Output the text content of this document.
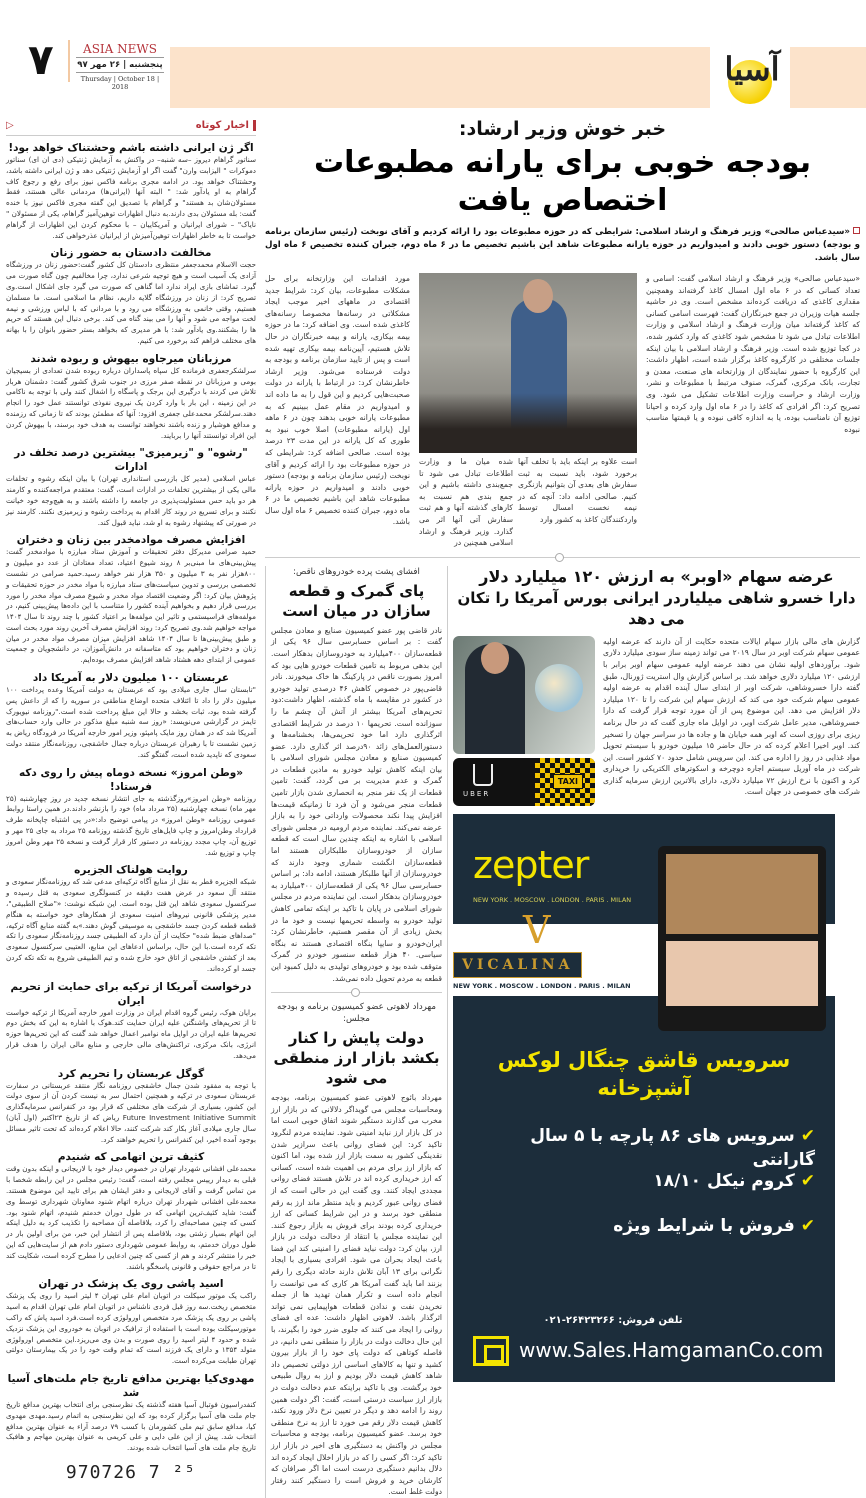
۷	ASIA NEWS
پنجشنبه | ۲۶ مهر ۹۷
Thursday | October 18 | 2018	آسیا
خبر خوش وزیر ارشاد:
بودجه خوبی برای یارانه مطبوعات اختصاص یافت
«سیدعباس صالحی» وزیر فرهنگ و ارشاد اسلامی: شرایطی که در حوزه مطبوعات بود را ارائه کردیم و آقای نوبخت (رئیس سازمان برنامه و بودجه) دستور خوبی دادند و امیدواریم در حوزه یارانه مطبوعات شاهد این باشیم تخصیص ما در ۶ ماه دوم، جبران کننده تخصیص ۶ ماه اول سال باشد.
«سیدعباس صالحی» وزیر فرهنگ و ارشاد اسلامی گفت: اسامی و تعداد کسانی که در ۶ ماه اول امسال کاغذ گرفته‌اند وهمچنین مقداری کاغذی که دریافت کرده‌اند مشخص است. وی در حاشیه جلسه هیات وزیران در جمع خبرنگاران گفت: فهرست اسامی کسانی که کاغذ گرفته‌اند میان وزارت فرهنگ و ارشاد اسلامی و وزارت اطلاعات تبادل می شود تا مشخص شود کاغذی که وارد کشور شده، در کجا توزیع شده است. وزیر فرهنگ و ارشاد اسلامی با بیان اینکه جلسات مختلفی در کارگروه کاغذ برگزار شده است، اظهار داشت: این کارگروه با حضور نمایندگان از وزارتخانه های صنعت، معدن و تجارت، بانک مرکزی، گمرک، صنوف مرتبط با مطبوعات و نشر، وزارت ارشاد و حراست وزارت اطلاعات تشکیل می شود. وی تصریح کرد: اگر افرادی که کاغذ را در ۶ ماه اول وارد کرده و احیانا توزیع آن نامناسب بوده، یا به اندازه کافی نبوده و یا قیمتها مناسب نبوده
است علاوه بر اینکه باید با تخلف آنها برخورد شود، باید نسبت به ثبت سفارش های بعدی آن بتوانیم بازنگری کنیم. صالحی ادامه داد: آنچه که در نیمه نخست امسال توسط واردکنندگان کاغذ به کشور وارد
شده میان ما و وزارت اطلاعات تبادل می شود تا جمع‌بندی داشته باشیم و این جمع بندی هم نسبت به کارهای گذشته آنها و هم ثبت سفارش آتی آنها اثر می گذارد. وزیر فرهنگ و ارشاد اسلامی همچنین در
مورد اقدامات این وزارتخانه برای حل مشکلات مطبوعات، بیان کرد: شرایط جدید اقتصادی در ماههای اخیر موجب ایجاد مشکلاتی در رسانه‌ها مخصوصا رسانه‌های کاغذی شده است. وی اضافه کرد: ما در حوزه بیمه بیکاری، یارانه و بیمه خبرنگاران در حال تلاش هستیم، آیین‌نامه بیمه بیکاری تهیه شده است و پس از تایید سازمان برنامه و بودجه به دولت فرستاده می‌شود. وزیر ارشاد خاطرنشان کرد: در ارتباط با یارانه در دولت صحبت‌هایی کردیم و این قول را به ما داده اند و امیدواریم در مقام عمل ببینیم که به مطبوعات یارانه خوبی بدهند چون در ۶ ماهه اول (یارانه مطبوعات) اصلا خوب نبود به طوری که کل یارانه در این مدت ۲۳ درصد بوده است. صالحی اضافه کرد: شرایطی که در حوزه مطبوعات بود را ارائه کردیم و آقای نوبخت (رئیس سازمان برنامه و بودجه) دستور خوبی دادند و امیدواریم در حوزه یارانه مطبوعات شاهد این باشیم تخصیص ما در ۶ ماه دوم، جبران کننده تخصیص ۶ ماه اول سال باشد.
عرضه سهام «اوبر» به ارزش ۱۲۰ میلیارد دلار
دارا خسرو شاهی میلیاردر ایرانی بورس آمریکا را تکان می دهد
گزارش های مالی بازار سهام ایالات متحده حکایت از آن دارند که عرضه اولیه عمومی سهام شرکت اوبر در سال ۲۰۱۹ می تواند زمینه ساز سودی میلیارد دلاری شود. برآوردهای اولیه نشان می دهند عرضه اولیه عمومی سهام اوبر برابر با ارزشی ۱۲۰ میلیارد دلاری خواهد شد. بر اساس گزارش وال استریت ژورنال، طبق گفته دارا خسروشاهی، شرکت اوبر از ابتدای سال آینده اقدام به عرضه اولیه عمومی سهام شرکت خود می کند که ارزش سهام این شرکت را تا ۱۲۰ میلیارد دلار افزایش می دهد. این موضوع پس از آن مورد توجه قرار گرفت که دارا خسروشاهی، مدیر عامل شرکت اوبر، در اوایل ماه جاری گفت که در حال برنامه ریزی برای روزی است که اوبر همه خیابان ها و جاده ها در سراسر جهان را تسخیر کند. اوبر اخیرا اعلام کرده که در حال حاضر ۱۵ میلیون خودرو با سیستم تحویل مواد غذایی در روز را اداره می کند. این سرویس شامل حدود ۷۰ کشور است. این شرکت در ماه آوریل سیستم اجاره دوچرخه و اسکوترهای الکتریکی را خریداری کرد و اکنون با نرخ ارزش ۷۲ میلیارد دلاری، دارای بالاترین ارزش سرمایه گذاری شرکت های خصوصی در جهان است.
UBER
TAXI
zepter
NEW YORK . MOSCOW . LONDON . PARIS . MILAN
V
VICALINA
NEW YORK . MOSCOW . LONDON . PARIS . MILAN
سرویس قاشق چنگال لوکس آشپزخانه
✔سرویس های ۸۶ پارچه با ۵ سال گارانتی
✔کروم نیکل ۱۸/۱۰
✔فروش با شرایط ویژه
تلفن فروش: ۲۶۴۲۳۲۶۶-۰۲۱
www.Sales.HamgamanCo.com
افشای پشت پرده خودروهای ناقص:
پای گمرک و قطعه سازان در میان است
نادر قاضی پور عضو کمیسیون صنایع و معادن مجلس گفت : بر اساس حسابرسی سال ۹۶ یکی از قطعه‌سازان ۴۰۰میلیارد به خودروسازان بدهکار است. این بدهی مربوط به تامین قطعات خودرو هایی بود که امروز بصورت ناقص در پارکینگ ها خاک میخورند. نادر قاضی‌پور در خصوص کاهش ۴۶ درصدی تولید خودرو در کشور در مقایسه با ماه گذشته، اظهار داشت:دود تحریم‌های آمریکا بیشتر از آتش آن چشم ما را سوزانده است. تحریمها ۱۰ درصد در شرایط اقتصادی اثرگذاری دارد اما خود تحریمی‌ها، بخشنامه‌ها و دستورالعمل‌های زائد ۹۰درصد اثر گذاری دارد. عضو کمیسیون صنایع و معادن مجلس شورای اسلامی با بیان اینکه کاهش تولید خودرو به مادین قطعات در گمرک و عدم مدیریت بر می گردد، گفت: تامین قطعات از یک نفر منجر به انحصاری شدن بازار تامین قطعات منجر می‌شود و آن فرد تا زمانیکه قیمت‌ها افزایش پیدا نکند محصولات وارداتی خود را به بازار عرضه نمی‌کند. نماینده مردم ارومیه در مجلس شورای اسلامی با اشاره به اینکه چندین سال است که قطعه سازان از خودروسازان طلبکاران هستند اما قطعه‌سازان انگشت شماری وجود دارند که خودروسازان از آنها طلبکار هستند، ادامه داد: بر اساس حسابرسی سال ۹۶ یکی از قطعه‌سازان ۴۰۰میلیارد به خودروسازان بدهکار است. این نماینده مردم در مجلس شورای اسلامی در پایان با تاکید بر اینکه تمامی کاهش تولید خودرو به واسطه تحریمها نیست و خود ما در بخش زیادی از آن مقصر هستیم، خاطرنشان کرد: ایران‌خودرو و سایپا بنگاه اقتصادی هستند نه بنگاه سیاسی. ۴۰ هزار قطعه سنسور خودرو در گمرک متوقف شده بود و خودروهای تولیدی به دلیل کمبود این قطعه به مردم تحویل داده نمی‌شد.
مهرداد لاهوتی عضو کمیسیون برنامه و بودجه مجلس:
دولت پایش را کنار بکشد بازار ارز منطقی می شود
مهرداد بائوج لاهوتی عضو کمیسیون برنامه، بودجه ومحاسبات مجلس می گویداگر دلالانی که در بازار ارز مخرب می گذارند دستگیر شوند اتفاق خوبی است اما در کل بازار ارز نباید امنیتی شود. نماینده مردم لنگرود تاکید کرد: این فضای روانی باعث سرازیر شدن نقدینگی کشور به سمت بازار ارز شده بود، اما اکنون که بازار ارز برای مردم بی اهمیت شده است، کسانی که ارز خریداری کرده اند در تلاش هستند فضای روانی مجددی ایجاد کنند. وی گفت این در حالی است که از فضای روانی عبور کردیم و باید منتظر ماند ارز به رقم منطقی خود برسد و در این شرایط کسانی که ارز خریداری کرده بودند برای فروش به بازار رجوع کنند. این نماینده مجلس با انتقاد از دخالت دولت در بازار ارز، بیان کرد: دولت نباید فضای را امنیتی کند این فضا باعث ایجاد بحران می شود. افرادی بسیاری با ایجاد نگرانی برای ۱۳ آبان تلاش دارند حادثه دیگری را رقم بزنند اما باید گفت آمریکا هر کاری که می توانست را انجام داده است و تکرار همان تهدید ها از جمله نخریدن نفت و ندادن قطعات هواپیمایی نمی تواند اثرگذار باشد. لاهوتی اظهار داشت: عده ای فضای روانی را ایجاد می کنند که جلوی ضرر خود را بگیرند، با این حال دخالت دولت در بازار را منطقی نمی دانیم، در فاصله کوتاهی که دولت پای خود را از بازار بیرون کشید و تنها به کالاهای اساسی ارز دولتی تخصیص داد شاهد کاهش قیمت دلار بودیم و ارز به روال طبیعی خود برگشت. وی با تاکید براینکه عدم دخالت دولت در بازار ارز سیاست درستی است، گفت: اگر دولت همین روند را ادامه دهد و دیگر در تعیین نرخ دلار ورود نکند، کاهش قیمت دلار رقم می خورد تا ارز به نرخ منطقی خود برسد. عضو کمیسیون برنامه، بودجه و محاسبات مجلس در واکنش به دستگیری های اخیر در بازار ارز تاکید کرد: اگر کسی را که در بازار اخلال ایجاد کرده اند دلال بدانیم دستگیری درست است اما اگر صرافان که کارشان خرید و فروش است را دستگیر کنند رفتار دولت غلط است.
اخبار کوتاه
▷
اگر ژن ایرانی داشته باشم وحشتناک خواهد بود!
سناتور گراهام دیروز –سه شنبه– در واکنش به آزمایش ژنتیکی (دی ان ای) سناتور دموکرات " الیزابت وارن" گفت اگر او آزمایش ژنتیکی دهد و ژن ایرانی داشته باشد، وحشتناک خواهد بود. در ادامه مجری برنامه فاکس نیوز برای رفع و رجوع کاف گراهام به او یادآور شد: " البته آنها (ایرانی‌ها) مردمانی عالی هستند، فقط مسئولان‌شان بد هستند" و گراهام با تصدیق این گفته مجری فاکس نیوز با خنده گفت: بله مسئولان بدی دارند.به دنبال اظهارات توهین‌آمیز گراهام، یکی از مسئولان " نایاک" – شورای ایرانیان و آمریکاییان – با محکوم کردن این اظهارات از گراهام خواست تا به خاطر اظهارات توهین‌آمیزش از ایرانیان عذرخواهی کند.
مخالفت دادستان به حضور زنان
حجت الاسلام محمدجعفر منتظری دادستان کل کشور گفت:حضور زنان در ورزشگاه آزادی یک آسیب است و هیچ توجیه شرعی ندارد، چرا مخالفیم چون گناه صورت می گیرد. تماشای بازی ایراد ندارد اما گناهی که صورت می گیرد جای اشکال است.وی تصریح کرد: از زنان در ورزشگاه گلایه داریم، نظام ما اسلامی است. ما مسلمان هستیم، وقتی خانمی به ورزشگاه می رود و با مردانی که با لباس ورزشی و نیمه لخت مواجه می شود و آنها را می بیند گناه می کند. برخی دنبال این هستند که حریم ها را بشکنند.وی یادآور شد: با هر مدیری که بخواهد بستر حضور بانوان را با بهانه های مختلف فراهم کند برخورد می کنیم.
مرزبانان میرجاوه بیهوش و ربوده شدند
سرلشکرجعفری فرمانده کل سپاه پاسداران درباره ربوده شدن تعدادی از بسیجیان بومی و مرزبانان در نقطه صفر مرزی در جنوب شرق کشور گفت: دشمنان هربار تلاش می کردند با درگیری این برجک و پاسگاه را اشغال کنند ولی با توجه به ناکامی در این زمینه ، این بار با وارد کردن یک نیروی نفوذی توانستند عمل خود را انجام دهند.سرلشکر محمدعلی جعفری افزود: آنها که مطمئن بودند که تا زمانی که رزمنده و مدافع هوشیار و زنده باشند نخواهند توانست به هدف خود برسند، با بیهوش کردن این افراد توانستند آنها را بربایند.
"رشوه" و "زیرمیزی" بیشترین درصد تخلف در ادارات
عباس اسلامی (مدیر کل بازرسی استانداری تهران) با بیان اینکه رشوه و تخلفات مالی یکی از بیشترین تخلفات در ادارات است، گفت: معتقدم مراجعه‌کننده و کارمند هر دو باید حس مسئولیت‌پذیری در جامعه را داشته باشند و به هیچ‌وجه خود خیانت نکنند و برای تسریع در روند کار اقدام به پرداخت رشوه و زیرمیزی نکنند. کارمند نیز در صورتی که پیشنهاد رشوه به او شد، نباید قبول کند.
افزایش مصرف موادمخدر بین زنان و دختران
حمید صرامی مدیرکل دفتر تحقیقات و آموزش ستاد مبارزه با موادمخدر گفت: پیش‌بینی‌های ما مبنی‌بر ۸ روند شیوع اعتیاد، تعداد معتادان از عدد دو میلیون و ۸۰۰هزار نفر به ۳ میلیون و ۳۵۰ هزار نفر خواهد رسید.حمید صرامی در نشست تخصصی بررسی و تدوین سیاست‌های ستاد مبارزه با مواد مخدر در حوزه تحقیقات و پژوهش بیان کرد: اگر وضعیت اقتصاد مواد مخدر و شیوع مصرف مواد مخدر را مورد بررسی قرار دهیم و بخواهیم آینده کشور را متناسب با این داده‌ها پیش‌بینی کنیم، در مولفه‌های فراسیستمی و تاثیر این مولفه‌ها بر اعتیاد کشور با چند روند تا سال ۱۴۰۴ مواجه خواهیم شد.وی تصریح کرد: روند افزایش مصرف آخرین روند مورد بحث است و طبق پیش‌بینی‌ها تا سال ۱۴۰۴ شاهد افزایش میزان مصرف مواد مخدر در میان زنان و دختران خواهیم بود که متاسفانه در دانش‌آموزان، در دانشجویان و جمعیت عمومی از ابتدای دهه هشتاد شاهد افزایش مصرف بوده‌ایم.
عربستان ۱۰۰ میلیون دلار به آمریکا داد
"تابستان سال جاری میلادی بود که عربستان به دولت آمریکا وعده پرداخت ۱۰۰ میلیون دلار را داد تا ائتلاف متحده اوضاع مناطقی در سوریه را که از داعش پس گرفته شده بود، ثبات بخشد و حالا این مبلغ پرداخت شده است."روزنامه نیویورک تایمز در گزارشی می‌نویسد: «روز سه شنبه مبلغ مذکور در حالی وارد حساب‌های آمریکا شد که در همان روز مایک پامپئو، وزیر امور خارجه آمریکا در فرودگاه ریاض به زمین نشست تا با رهبران عربستان درباره جمال خاشقجی، روزنامه‌نگار منتقد دولت سعودی که ناپدید شده است، گفتگو کند.
«وطن امروز» نسخه دوماه پیش را روی دکه فرستاد!
روزنامه «وطن امروز»روزگذشته به جای انتشار نسخه جدید در روز چهارشنبه (۲۵ مهر ماه) نسخه چهارشنبه (۲۵ مرداد ماه) خود را بازنشر دادند.در همین راستا روابط عمومی روزنامه «وطن امروز» در پیامی توضیح داد:«در پی اشتباه چاپخانه طرف قرارداد وطن‌امروز و چاپ فایل‌های تاریخ گذشته روزنامه ۲۵ مرداد به جای ۲۵ مهر و توزیع آن، چاپ مجدد روزنامه در دستور کار قرار گرفت و نسخه ۲۵ مهر وطن امروز چاپ و توزیع شد.
روایت هولناک الجزیره
شبکه الجزیره قطر به نقل از منابع آگاه ترکیه‌ای مدعی شد که روزنامه‌نگار سعودی و منتقد آل سعود در عرض هفت دقیقه در کنسولگری سعودی به قتل رسیده و سرکنسول سعودی شاهد این قتل بوده است. این شبکه نوشت: «"صلاح الطبیقی"، مدیر پزشکی قانونی نیروهای امنیت سعودی از همکارهای خود خواسته به هنگام قطعه قطعه کردن جسد خاشقجی به موسیقی گوش دهند.»به گفته منابع آگاه ترکیه، "صداهای ضبط شده" حکایت از آن دارد که الطبیقی جسد روزنامه‌نگار سعودی را تکه تکه کرده است.با این حال، براساس ادعاهای این منابع، العتیبی سرکنسول سعودی بعد از کشتن خاشقجی از اتاق خود خارج شده و تیم الطبیقی شروع به تکه تکه کردن جسد او کرده‌اند.
درخواست آمریکا از ترکیه برای حمایت از تحریم ایران
برایان هوک، رئیس گروه اقدام ایران در وزارت امور خارجه آمریکا از ترکیه خواست تا از تحریم‌های واشنگتن علیه ایران حمایت کند.هوک با اشاره به این که بخش دوم تحریم‌ها علیه ایران در اوایل ماه نوامبر اعمال خواهد شد گفت که این تحریم‌ها حوزه انرژی، بانک مرکزی، تراکنش‌های مالی خارجی و منابع مالی ایران را هدف قرار می‌دهد.
گوگل عربستان را تحریم کرد
با توجه به مفقود شدن جمال خاشقجی روزنامه نگار منتقد عربستانی در سفارت عربستان سعودی در ترکیه و همچنین احتمال سر به نیست کردن آن از سوی دولت این کشور، بسیاری از شرکت های مختلفی که قرار بود در کنفرانس سرمایه‌گذاری Future Investment Initiative Summit ریاض که از تاریخ ۲۳اکتبر (اول آبان) سال جاری میلادی آغاز بکار کند شرکت کنند، حالا اعلام کرده‌اند که تحت تاثیر مسائل بوجود آمده اخیر، این کنفرانس را تحریم خواهند کرد.
کثیف ترین اتهامی که شنیدم
محمدعلی افشانی شهردار تهران در خصوص دیدار خود با لاریجانی و اینکه بدون وقت قبلی به دیدار رییس مجلس رفته است، گفت: رئیس مجلس در این رابطه شخصا با من تماس گرفت و آقای لاریجانی و دفتر ایشان هم برای تایید این موضوع هستند. محمدعلی افشانی شهردار تهران درباره اتهام شنود معاونان شهرداری توسط وی گفت: شاید کثیف‌ترین اتهامی که در طول دوران خدمتم شنیدم، اتهام شنود بود. کسی که چنین مصاحبه‌ای را کرد، بلافاصله آن مصاحبه را تکذیب کرد به دلیل اینکه این اتهام بسیار زشتی بود، بلافاصله پس از انتشار این خبر، من برای اولین بار در طول دوران خدمتم، به روابط عمومی شهرداری دستور دادم هم از سایت‌هایی که این خبر را منتشر کردند و هم از کسی که چنین ادعایی را مطرح کرده است، شکایت کند تا در مراجع حقوقی و قانونی پاسخگو باشند.
اسید پاشی روی یک پزشک در تهران
راکب یک موتور سیکلت در اتوبان امام علی تهران ۴ لیتر اسید را روی یک پزشک متخصص ریخت.سه روز قبل فردی ناشناس در اتوبان امام علی تهران اقدام به اسید پاشی بر روی یک پزشک مرد متخصص اورولوژی کرده است.فرد اسید پاش که راکب موتورسیکلت بوده است با استفاده از ترافیک در اتوبان به خودروی این پزشک نزدیک شده و حدود ۴ لیتر اسید را روی صورت و بدن وی می‌ریزد.این متخصص اورولوژی متولد ۱۳۵۴ و دارای یک فرزند است که تمام وقت خود را در یک بیمارستان دولتی تهران طبابت می‌کرده است.
مهدوی‌کیا بهترین مدافع تاریخ جام ملت‌های آسیا شد
کنفدراسیون فوتبال آسیا هفته گذشته یک نظرسنجی برای انتخاب بهترین مدافع تاریخ جام ملت های آسیا برگزار کرده بود که این نظرسنجی به اتمام رسید.مهدی مهدوی کیا، مدافع سابق تیم ملی کشورمان با کسب ۷۹ درصد آراء به عنوان بهترین مدافع انتخاب شد. پیش از این علی دایی و علی کریمی به عنوان بهترین مهاجم و هافبک تاریخ جام ملت های آسیا انتخاب شده بودند.
970726 7 ²⁵
